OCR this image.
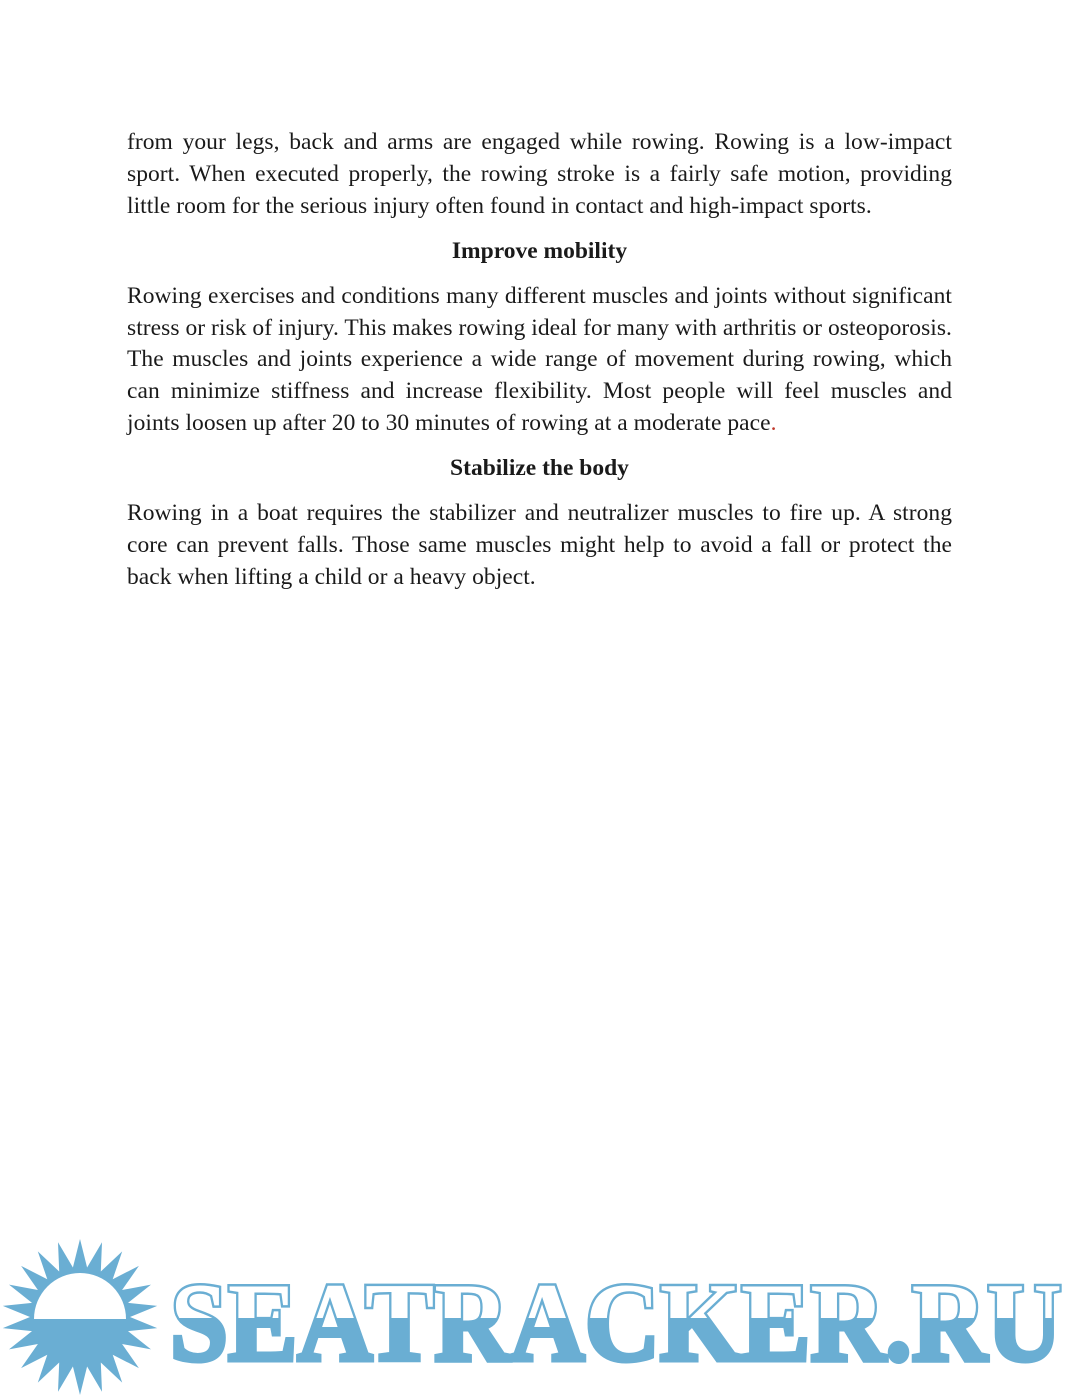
from your legs, back and arms are engaged while rowing. Rowing is a low-impact sport. When executed properly, the rowing stroke is a fairly safe motion, providing little room for the serious injury often found in contact and high-impact sports.

Improve mobility

Rowing exercises and conditions many different muscles and joints without significant stress or risk of injury. This makes rowing ideal for many with arthritis or osteoporosis. The muscles and joints experience a wide range of movement during rowing, which can minimize stiffness and increase flexibility. Most people will feel muscles and joints loosen up after 20 to 30 minutes of rowing at a moderate pace.

Stabilize the body

Rowing in a boat requires the stabilizer and neutralizer muscles to fire up. A strong core can prevent falls. Those same muscles might help to avoid a fall or protect the back when lifting a child or a heavy object.

SEATRACKER.RU
